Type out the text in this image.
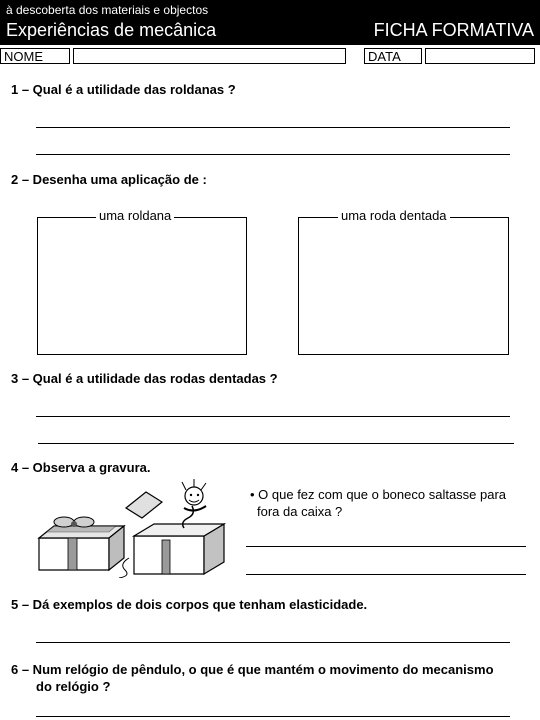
à descoberta dos materiais e objectos
Experiências de mecânica	FICHA FORMATIVA
NOME	DATA
1 – Qual é a utilidade das roldanas ?
2 – Desenha uma aplicação de :
uma roldana	uma roda dentada
3 – Qual é a utilidade das rodas dentadas ?
4 – Observa a gravura.
• O que fez com que o boneco saltasse para
fora da caixa ?
5 – Dá exemplos de dois corpos que tenham elasticidade.
6 – Num relógio de pêndulo, o que é que mantém o movimento do mecanismo
do relógio ?
